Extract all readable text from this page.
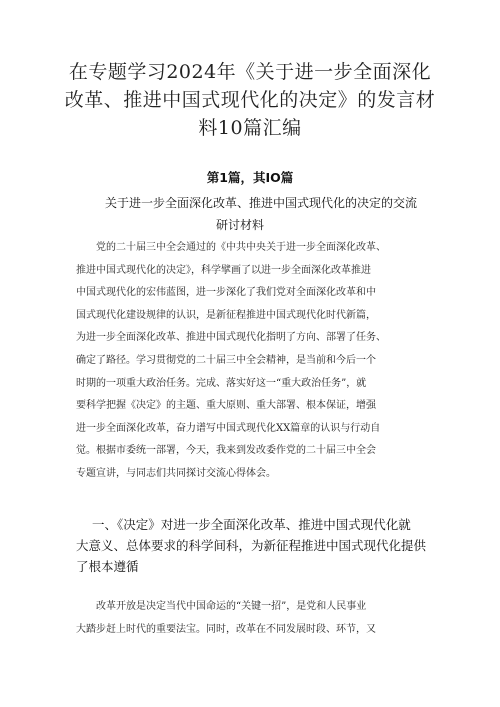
在专题学习2024年《关于进一步全面深化
改革、推进中国式现代化的决定》的发言材
料10篇汇编
第1篇，其IO篇
关于进一步全面深化改革、推进中国式现代化的决定的交流
研讨材料
党的二十届三中全会通过的《中共中央关于进一步全面深化改革、
推进中国式现代化的决定》，科学擘画了以进一步全面深化改革推进
中国式现代化的宏伟蓝图，进一步深化了我们党对全面深化改革和中
国式现代化建设规律的认识，是新征程推进中国式现代化时代新篇，
为进一步全面深化改革、推进中国式现代化指明了方向、部署了任务、
确定了路径。学习贯彻党的二十届三中全会精神，是当前和今后一个
时期的一项重大政治任务。完成、落实好这一“重大政治任务”，就
要科学把握《决定》的主题、重大原则、重大部署、根本保证，增强
进一步全面深化改革，奋力谱写中国式现代化XX篇章的认识与行动自
觉。根据市委统一部署，今天，我来到发改委作党的二十届三中全会
专题宣讲，与同志们共同探讨交流心得体会。
一、《决定》对进一步全面深化改革、推进中国式现代化就
大意义、总体要求的科学间科，为新征程推进中国式现代化提供
了根本遵循
改革开放是决定当代中国命运的“关键一招”，是党和人民事业
大踏步赶上时代的重要法宝。同时，改革在不同发展时段、环节，又
